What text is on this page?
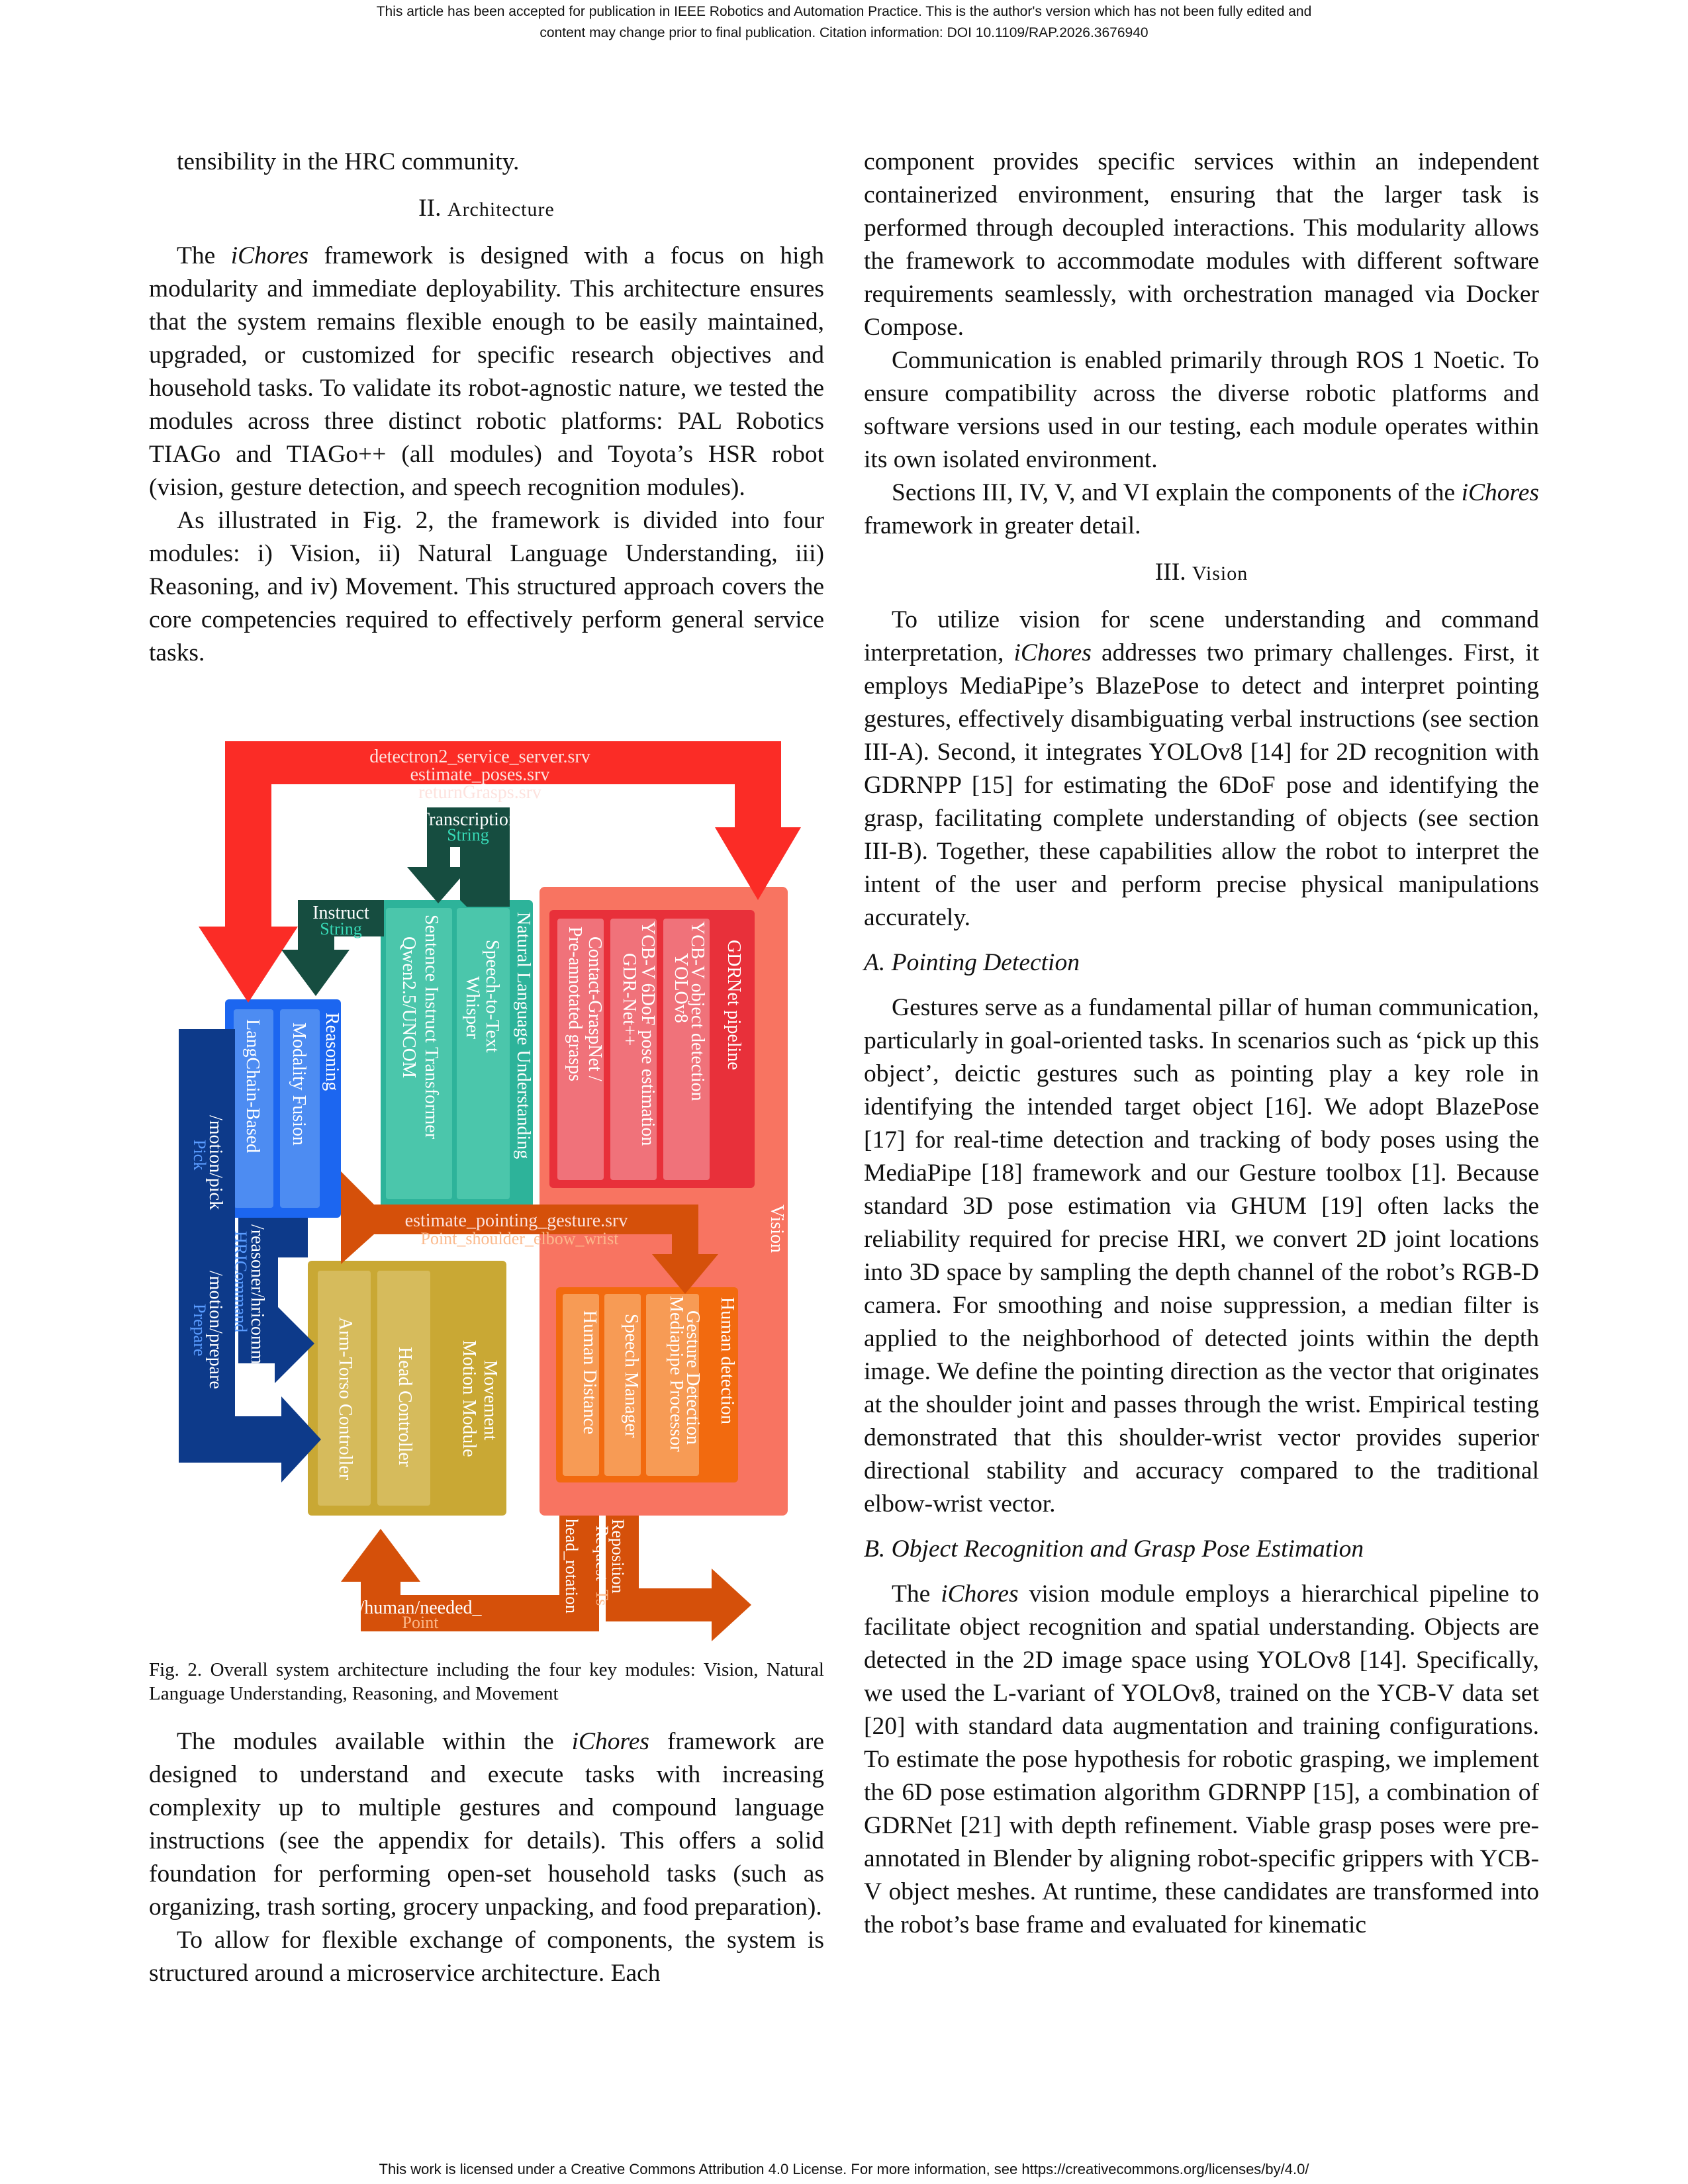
This article has been accepted for publication in IEEE Robotics and Automation Practice. This is the author's version which has not been fully edited and
content may change prior to final publication. Citation information: DOI 10.1109/RAP.2026.3676940

tensibility in the HRC community.

II. Architecture

The iChores framework is designed with a focus on high modularity and immediate deployability. This architecture ensures that the system remains flexible enough to be easily maintained, upgraded, or customized for specific research objectives and household tasks. To validate its robot-agnostic nature, we tested the modules across three distinct robotic platforms: PAL Robotics TIAGo and TIAGo++ (all modules) and Toyota’s HSR robot (vision, gesture detection, and speech recognition modules).

As illustrated in Fig. 2, the framework is divided into four modules: i) Vision, ii) Natural Language Understanding, iii) Reasoning, and iv) Movement. This structured approach covers the core competencies required to effectively perform general service tasks.

detectron2_service_server.srv
estimate_poses.srv
returnGrasps.srv
Transcription
String
Instruct
String	Natural Language Understanding
Speech-to-Text
Whisper
Sentence Instruct Transformer
Qwen2.5/UNCOM	GDRNet pipeline
YCB-V object detection
YOLOv8
YCB-V 6DoF pose estimation
GDR-Net++
Contact-GraspNet /
Pre-annotated grasps
Vision
Reasoning
Modality Fusion
LangChain-Based
/motion/pick
Pick
estimate_pointing_gesture.srv
Point_shoulder_elbow_wrist
/reasoner/hricommand
HRICommand
/motion/prepare
Prepare
Movement
Motion Module
Head Controller
Arm-Torso Controller	Human detection
Gesture Detection
Mediapipe Processor
Speech Manager
Human Distance
head_rotation Reposition
Request
Ts
/human/needed_
Point
Fig. 2. Overall system architecture including the four key modules: Vision, Natural Language Understanding, Reasoning, and Movement

The modules available within the iChores framework are designed to understand and execute tasks with increasing complexity up to multiple gestures and compound language instructions (see the appendix for details). This offers a solid foundation for performing open-set household tasks (such as organizing, trash sorting, grocery unpacking, and food preparation).

To allow for flexible exchange of components, the system is structured around a microservice architecture. Each

component provides specific services within an independent containerized environment, ensuring that the larger task is performed through decoupled interactions. This modularity allows the framework to accommodate modules with different software requirements seamlessly, with orchestration managed via Docker Compose.

Communication is enabled primarily through ROS 1 Noetic. To ensure compatibility across the diverse robotic platforms and software versions used in our testing, each module operates within its own isolated environment.

Sections III, IV, V, and VI explain the components of the iChores framework in greater detail.

III. Vision

To utilize vision for scene understanding and command interpretation, iChores addresses two primary challenges. First, it employs MediaPipe’s BlazePose to detect and interpret pointing gestures, effectively disambiguating verbal instructions (see section III-A). Second, it integrates YOLOv8 [14] for 2D recognition with GDRNPP [15] for estimating the 6DoF pose and identifying the grasp, facilitating complete understanding of objects (see section III-B). Together, these capabilities allow the robot to interpret the intent of the user and perform precise physical manipulations accurately.

A. Pointing Detection

Gestures serve as a fundamental pillar of human communication, particularly in goal-oriented tasks. In scenarios such as ‘pick up this object’, deictic gestures such as pointing play a key role in identifying the intended target object [16]. We adopt BlazePose [17] for real-time detection and tracking of body poses using the MediaPipe [18] framework and our Gesture toolbox [1]. Because standard 3D pose estimation via GHUM [19] often lacks the reliability required for precise HRI, we convert 2D joint locations into 3D space by sampling the depth channel of the robot’s RGB-D camera. For smoothing and noise suppression, a median filter is applied to the neighborhood of detected joints within the depth image. We define the pointing direction as the vector that originates at the shoulder joint and passes through the wrist. Empirical testing demonstrated that this shoulder-wrist vector provides superior directional stability and accuracy compared to the traditional elbow-wrist vector.

B. Object Recognition and Grasp Pose Estimation

The iChores vision module employs a hierarchical pipeline to facilitate object recognition and spatial understanding. Objects are detected in the 2D image space using YOLOv8 [14]. Specifically, we used the L-variant of YOLOv8, trained on the YCB-V data set [20] with standard data augmentation and training configurations. To estimate the pose hypothesis for robotic grasping, we implement the 6D pose estimation algorithm GDRNPP [15], a combination of GDRNet [21] with depth refinement. Viable grasp poses were pre-annotated in Blender by aligning robot-specific grippers with YCB-V object meshes. At runtime, these candidates are transformed into the robot’s base frame and evaluated for kinematic

This work is licensed under a Creative Commons Attribution 4.0 License. For more information, see https://creativecommons.org/licenses/by/4.0/
